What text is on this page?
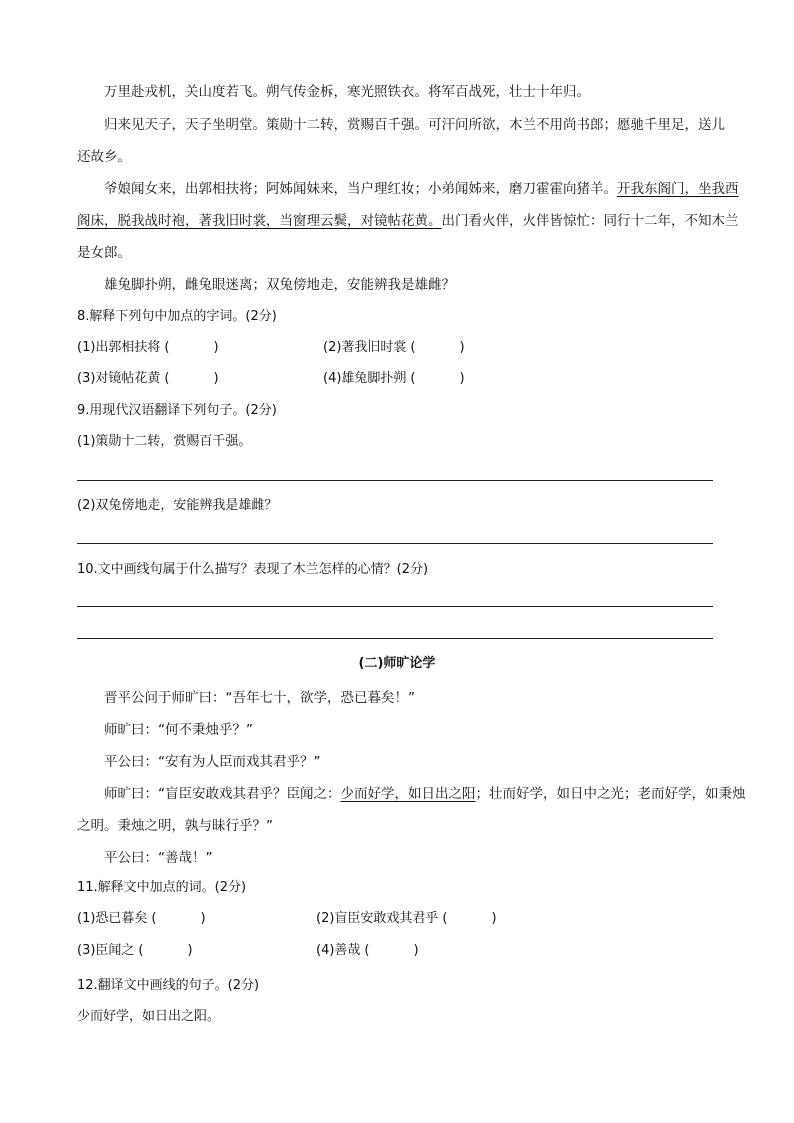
万里赴戎机，关山度若飞。朔气传金柝，寒光照铁衣。将军百战死，壮士十年归。
归来见天子，天子坐明堂。策勋十二转，赏赐百千强。可汗问所欲，木兰不用尚书郎；愿驰千里足，送儿
还故乡。
爷娘闻女来，出郭相扶将；阿姊闻妹来，当户理红妆；小弟闻姊来，磨刀霍霍向猪羊。开我东阁门，坐我西
阁床，脱我战时袍，著我旧时裳，当窗理云鬓，对镜帖花黄。出门看火伴，火伴皆惊忙：同行十二年，不知木兰
是女郎。
雄兔脚扑朔，雌兔眼迷离；双兔傍地走，安能辨我是雄雌？
8.解释下列句中加点的字词。(2分)
(1)出郭相扶将 (	)	(2)著我旧时裳 (	)
(3)对镜帖花黄 (	)	(4)雄兔脚扑朔 (	)
9.用现代汉语翻译下列句子。(2分)
(1)策勋十二转，赏赐百千强。
(2)双兔傍地走，安能辨我是雄雌？
10.文中画线句属于什么描写？表现了木兰怎样的心情？(2分)
(二)师旷论学
晋平公问于师旷曰：“吾年七十，欲学，恐已暮矣！”
师旷曰：“何不秉烛乎？”
平公曰：“安有为人臣而戏其君乎？”
师旷曰：“盲臣安敢戏其君乎？臣闻之：少而好学，如日出之阳；壮而好学，如日中之光；老而好学，如秉烛
之明。秉烛之明，孰与昧行乎？”
平公曰：“善哉！”
11.解释文中加点的词。(2分)
(1)恐已暮矣 (	)	(2)盲臣安敢戏其君乎 (	)
(3)臣闻之 (	)	(4)善哉 (	)
12.翻译文中画线的句子。(2分)
少而好学，如日出之阳。
